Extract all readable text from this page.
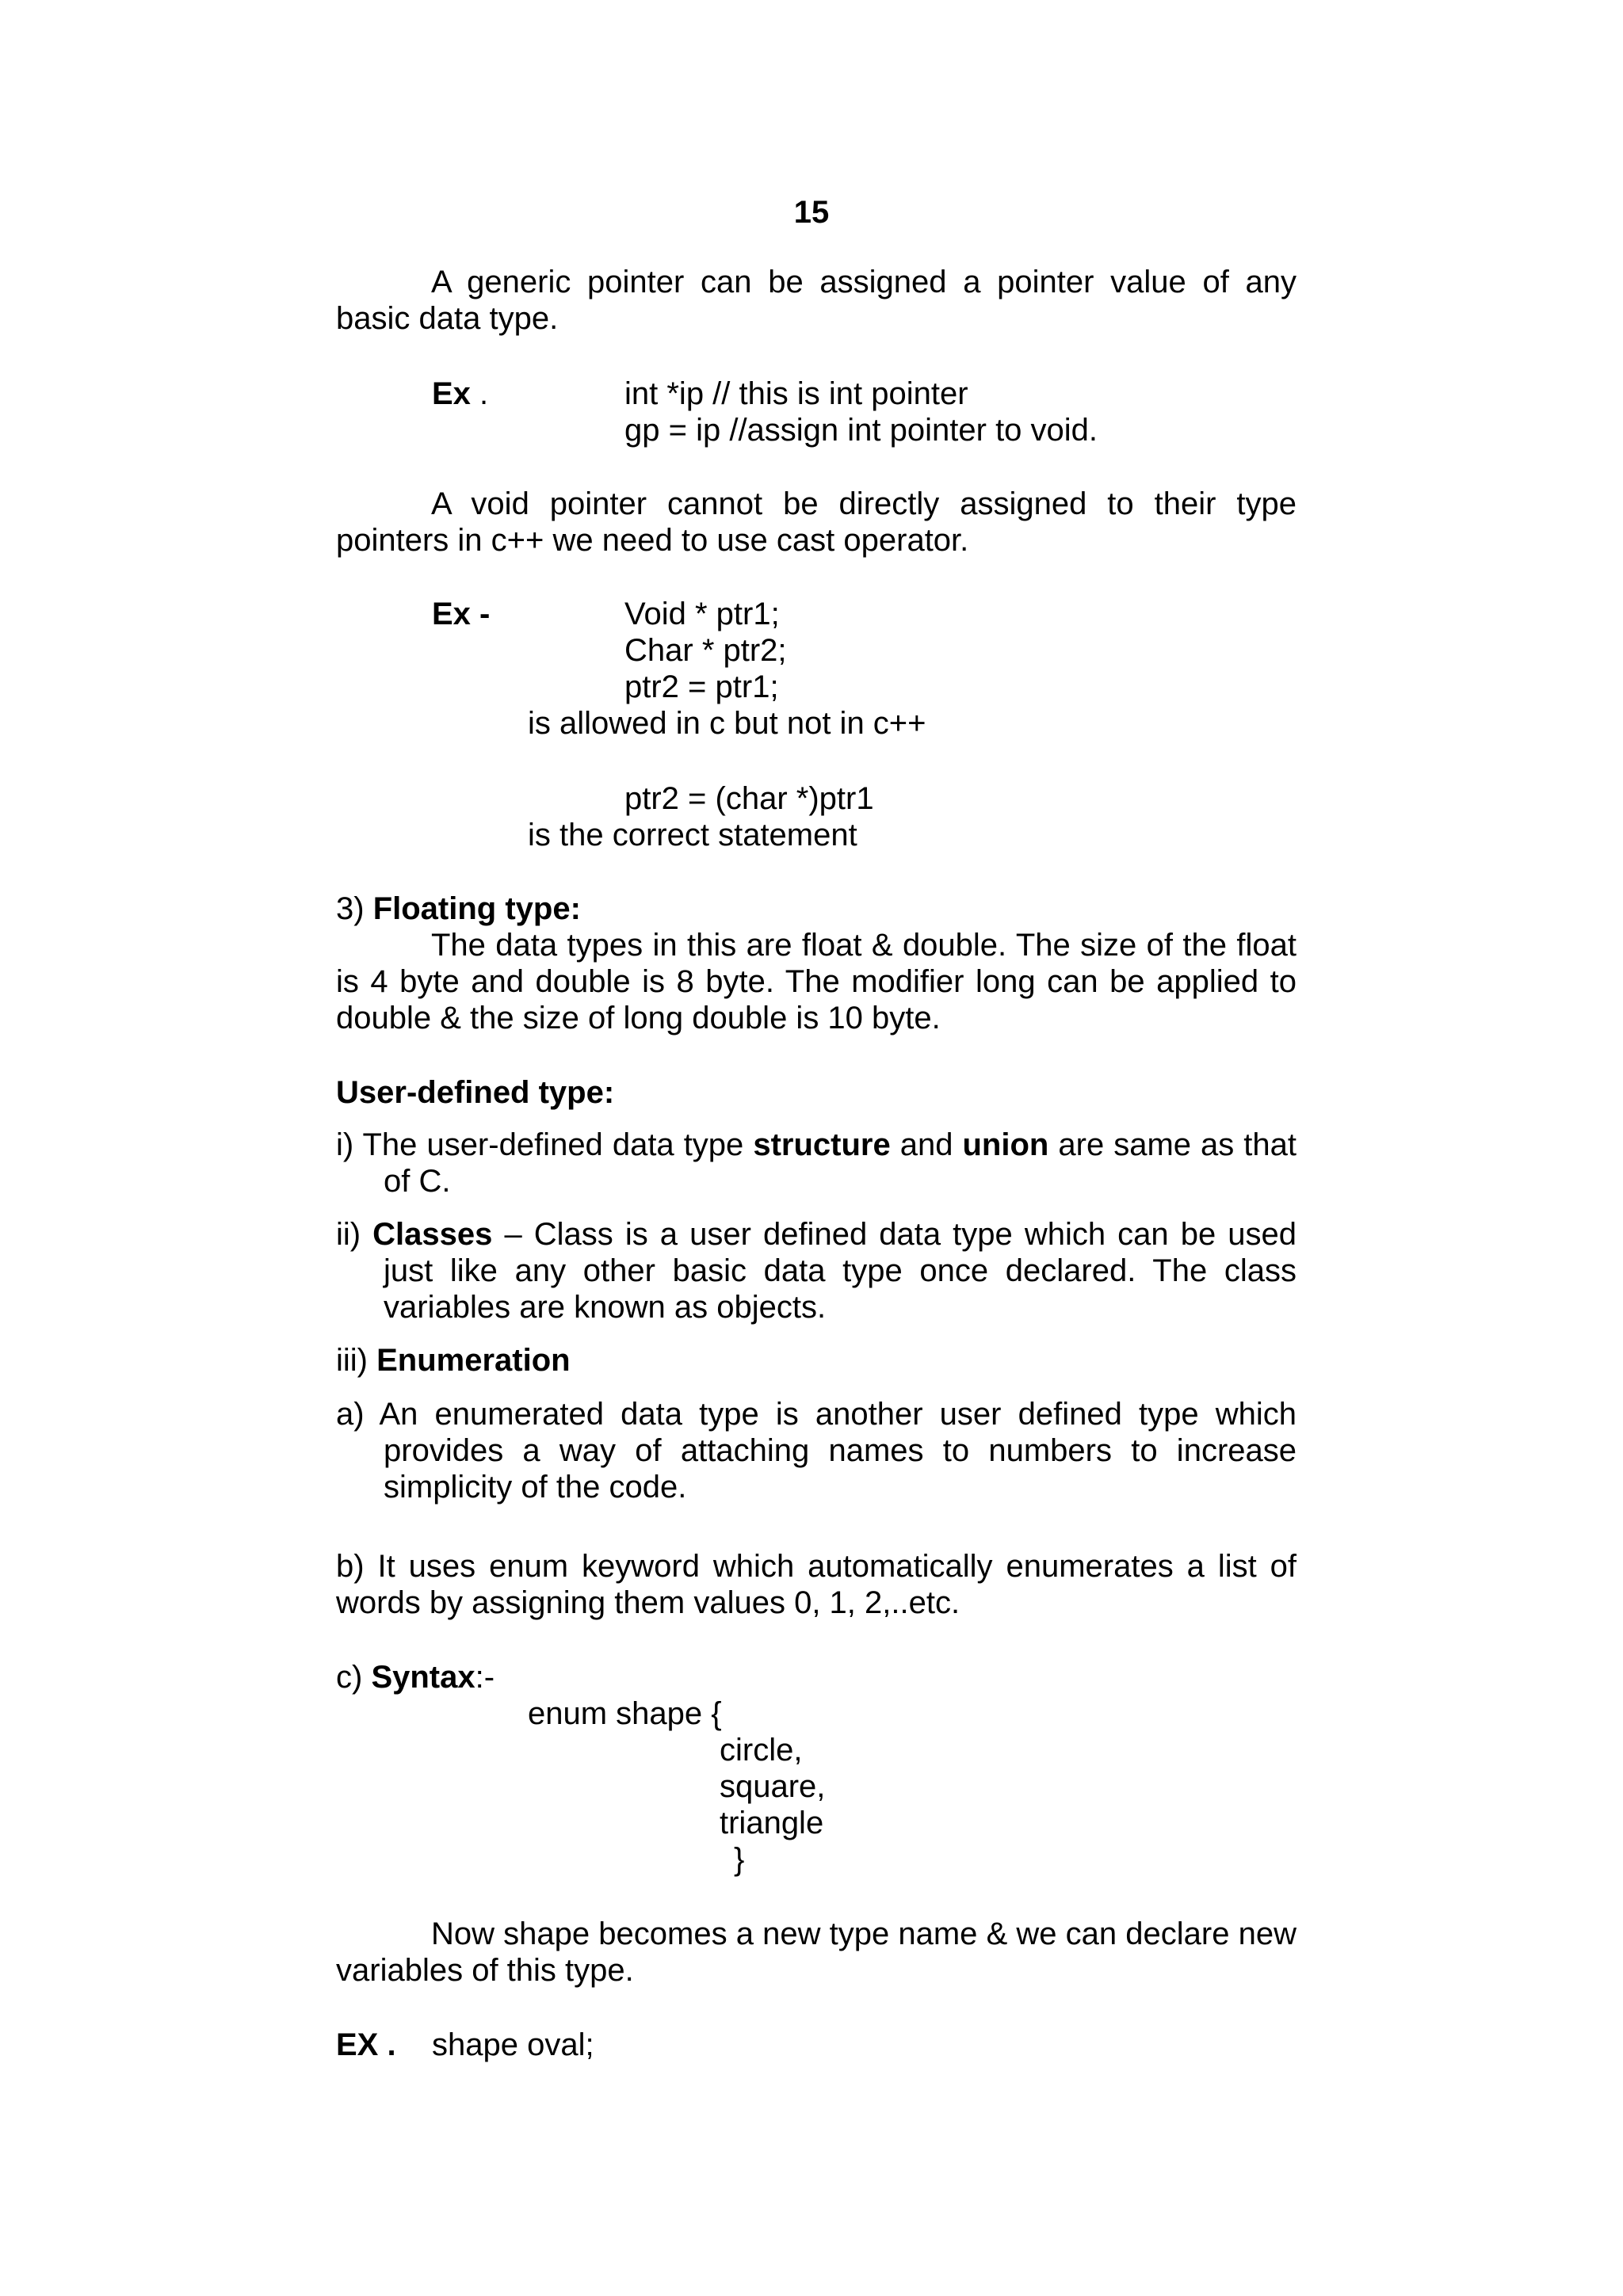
15
A generic pointer can be assigned a pointer value of any basic data type.
Ex .	int *ip // this is int pointer
gp = ip //assign int pointer to void.
A void pointer cannot be directly assigned to their type pointers in c++ we need to use cast operator.
Ex -	Void * ptr1;
Char * ptr2;
ptr2 = ptr1;
is allowed in c but not in c++
ptr2 = (char *)ptr1
is the correct statement
3) Floating type:
The data types in this are float & double. The size of the float is 4 byte and double is 8 byte. The modifier long can be applied to double & the size of long double is 10 byte.
User-defined type:
i) The user-defined data type structure and union are same as that of C.
ii) Classes – Class is a user defined data type which can be used just like any other basic data type once declared. The class variables are known as objects.
iii) Enumeration
a) An enumerated data type is another user defined type which provides a way of attaching names to numbers to increase simplicity of the code.
b) It uses enum keyword which automatically enumerates a list of words by assigning them values 0, 1, 2,..etc.
c) Syntax:-
enum shape {
circle,
square,
triangle
}
Now shape becomes a new type name & we can declare new variables of this type.
EX . shape oval;
